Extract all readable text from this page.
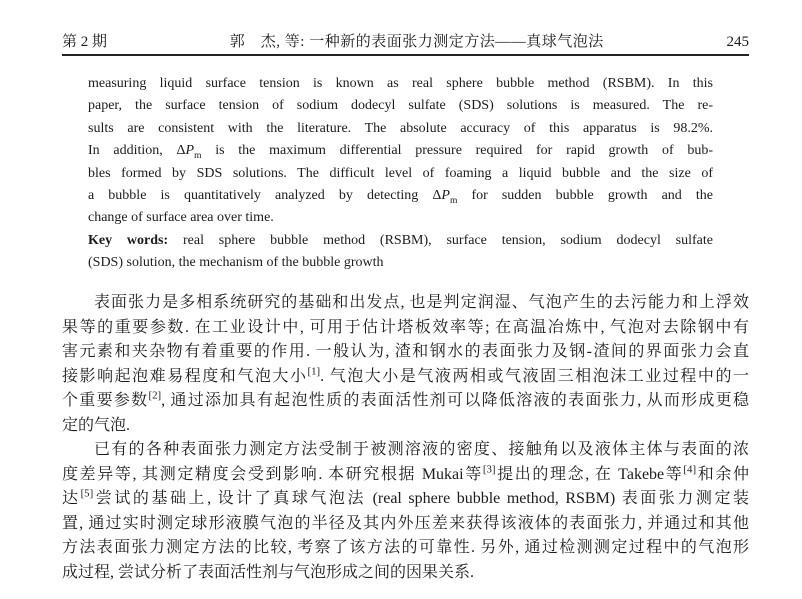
第 2 期	郭　杰, 等: 一种新的表面张力测定方法——真球气泡法	245
measuring liquid surface tension is known as real sphere bubble method (RSBM). In this
paper, the surface tension of sodium dodecyl sulfate (SDS) solutions is measured. The re-
sults are consistent with the literature. The absolute accuracy of this apparatus is 98.2%.
In addition, $\Delta P_m$ is the maximum differential pressure required for rapid growth of bub-
bles formed by SDS solutions. The difficult level of foaming a liquid bubble and the size of
a bubble is quantitatively analyzed by detecting $\Delta P_m$ for sudden bubble growth and the
change of surface area over time.
Key words: real sphere bubble method (RSBM), surface tension, sodium dodecyl sulfate
(SDS) solution, the mechanism of the bubble growth
表面张力是多相系统研究的基础和出发点, 也是判定润湿、气泡产生的去污能力和上浮效
果等的重要参数. 在工业设计中, 可用于估计塔板效率等; 在高温冶炼中, 气泡对去除钢中有
害元素和夹杂物有着重要的作用. 一般认为, 渣和钢水的表面张力及钢-渣间的界面张力会直
接影响起泡难易程度和气泡大小[1]. 气泡大小是气液两相或气液固三相泡沫工业过程中的一
个重要参数[2], 通过添加具有起泡性质的表面活性剂可以降低溶液的表面张力, 从而形成更稳
定的气泡.
已有的各种表面张力测定方法受制于被测溶液的密度、接触角以及液体主体与表面的浓
度差异等, 其测定精度会受到影响. 本研究根据 Mukai等[3]提出的理念, 在 Takebe等[4]和余仲
达[5]尝试的基础上, 设计了真球气泡法 (real sphere bubble method, RSBM) 表面张力测定装
置, 通过实时测定球形液膜气泡的半径及其内外压差来获得该液体的表面张力, 并通过和其他
方法表面张力测定方法的比较, 考察了该方法的可靠性. 另外, 通过检测测定过程中的气泡形
成过程, 尝试分析了表面活性剂与气泡形成之间的因果关系.
